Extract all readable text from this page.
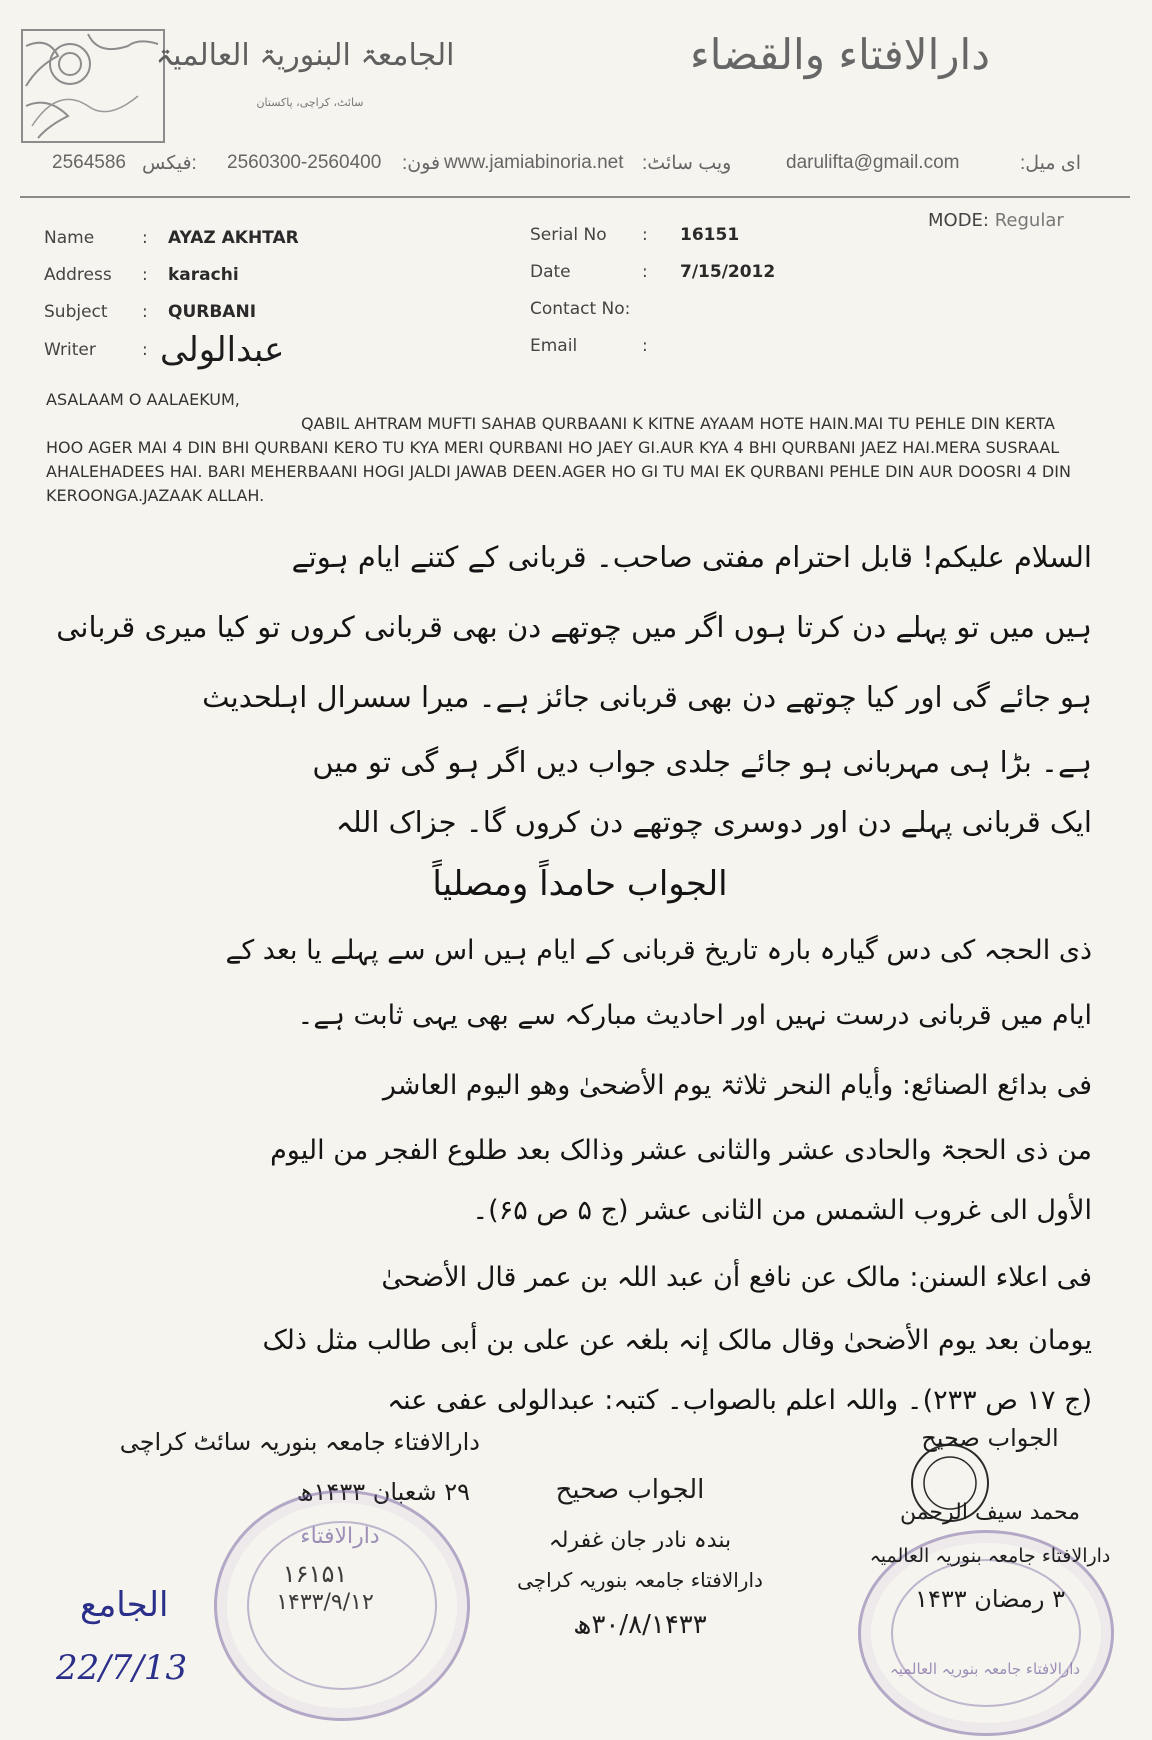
الجامعۃ البنوریۃ العالمیۃ
سائٹ، کراچی، پاکستان
دارالافتاء والقضاء
2564586 فیکس: 2560300-2560400 :فون www.jamiabinoria.net :ویب سائٹ	darulifta@gmail.com	:ای میل
MODE: Regular
Name	: AYAZ AKHTAR
Address : karachi
Subject : QURBANI
Writer	: عبدالولی
Serial No : 16151
Date	: 7/15/2012
Contact No:
Email	:
ASALAAM O AALAEKUM,
QABIL AHTRAM MUFTI SAHAB QURBAANI K KITNE AYAAM HOTE HAIN.MAI TU PEHLE DIN KERTA HOO AGER MAI 4 DIN BHI QURBANI KERO TU KYA MERI QURBANI HO JAEY GI.AUR KYA 4 BHI QURBANI JAEZ HAI.MERA SUSRAAL AHALEHADEES HAI. BARI MEHERBAANI HOGI JALDI JAWAB DEEN.AGER HO GI TU MAI EK QURBANI PEHLE DIN AUR DOOSRI 4 DIN KEROONGA.JAZAAK ALLAH.
السلام علیکم! قابل احترام مفتی صاحب۔ قربانی کے کتنے ایام ہوتے
ہیں میں تو پہلے دن کرتا ہوں اگر میں چوتھے دن بھی قربانی کروں تو کیا میری قربانی
ہو جائے گی اور کیا چوتھے دن بھی قربانی جائز ہے۔ میرا سسرال اہلحدیث
ہے۔ بڑا ہی مہربانی ہو جائے جلدی جواب دیں اگر ہو گی تو میں
ایک قربانی پہلے دن اور دوسری چوتھے دن کروں گا۔ جزاک اللہ
الجواب حامداً ومصلیاً
ذی الحجہ کی دس گیارہ بارہ تاریخ قربانی کے ایام ہیں اس سے پہلے یا بعد کے
ایام میں قربانی درست نہیں اور احادیث مبارکہ سے بھی یہی ثابت ہے۔
فی بدائع الصنائع: وأیام النحر ثلاثۃ یوم الأضحیٰ وھو الیوم العاشر
من ذی الحجۃ والحادی عشر والثانی عشر وذالک بعد طلوع الفجر من الیوم
الأول الی غروب الشمس من الثانی عشر (ج ۵ ص ۶۵)۔
فی اعلاء السنن: مالک عن نافع أن عبد اللہ بن عمر قال الأضحیٰ
یومان بعد یوم الأضحیٰ وقال مالک إنہ بلغہ عن علی بن أبی طالب مثل ذلک
(ج ۱۷ ص ۲۳۳)۔ واللہ اعلم بالصواب۔ کتبہ: عبدالولی عفی عنہ
دارالافتاء جامعہ بنوریہ سائٹ کراچی
۲۹ شعبان ۱۴۳۳ھ
دارالافتاء
۱۶۱۵۱
۱۴۳۳/۹/۱۲
الجامع
22/7/13
الجواب صحیح
بندہ نادر جان غفرلہ
دارالافتاء جامعہ بنوریہ کراچی
۳۰/۸/۱۴۳۳ھ
دارالافتاء جامعہ بنوریہ العالمیہ
الجواب صحیح
محمد سیف الرحمن
دارالافتاء جامعہ بنوریہ العالمیہ
۳ رمضان ۱۴۳۳
